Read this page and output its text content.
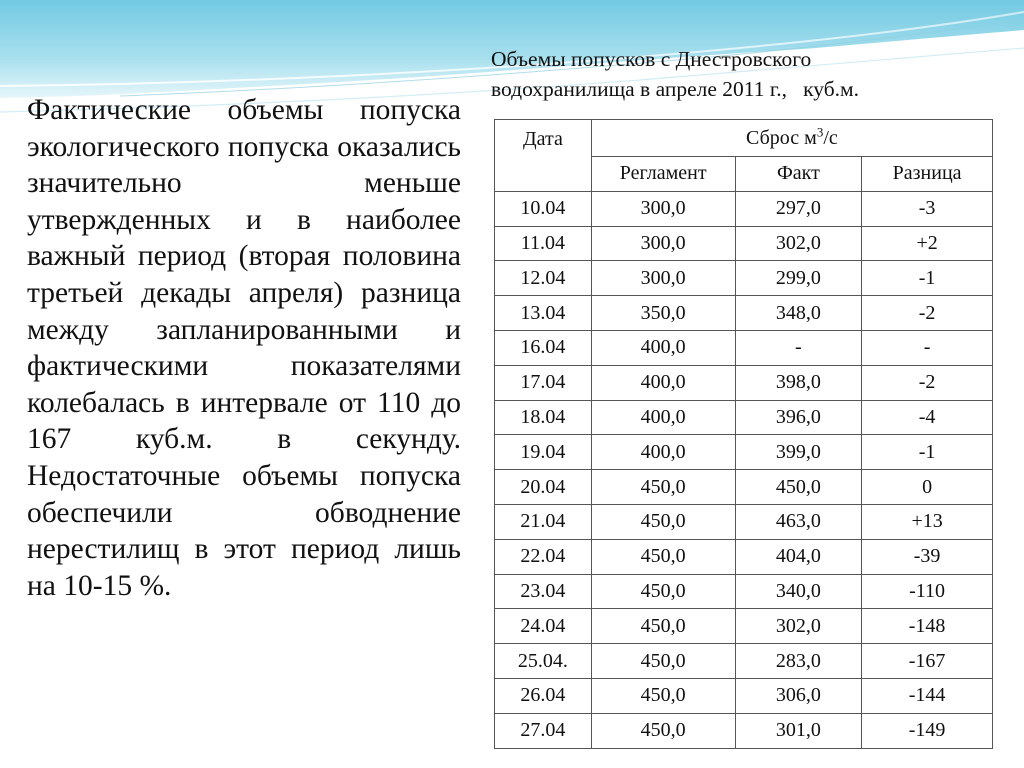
Фактические объемы попуска экологического попуска оказались значительно меньше утвержденных и в наиболее важный период (вторая половина третьей декады апреля) разница между запланированными и фактическими показателями колебалась в интервале от 110 до 167 куб.м. в секунду. Недостаточные объемы попуска обеспечили обводнение нерестилищ в этот период лишь на 10-15 %.

Объемы попусков с Днестровского
водохранилища в апреле 2011 г.,   куб.м.
Дата	Сброс $м^3/с$		
	Регламент	Факт	Разница
10.04	300,0	297,0	-3
11.04	300,0	302,0	+2
12.04	300,0	299,0	-1
13.04	350,0	348,0	-2
16.04	400,0	-	-
17.04	400,0	398,0	-2
18.04	400,0	396,0	-4
19.04	400,0	399,0	-1
20.04	450,0	450,0	0
21.04	450,0	463,0	+13
22.04	450,0	404,0	-39
23.04	450,0	340,0	-110
24.04	450,0	302,0	-148
25.04.	450,0	283,0	-167
26.04	450,0	306,0	-144
27.04	450,0	301,0	-149
